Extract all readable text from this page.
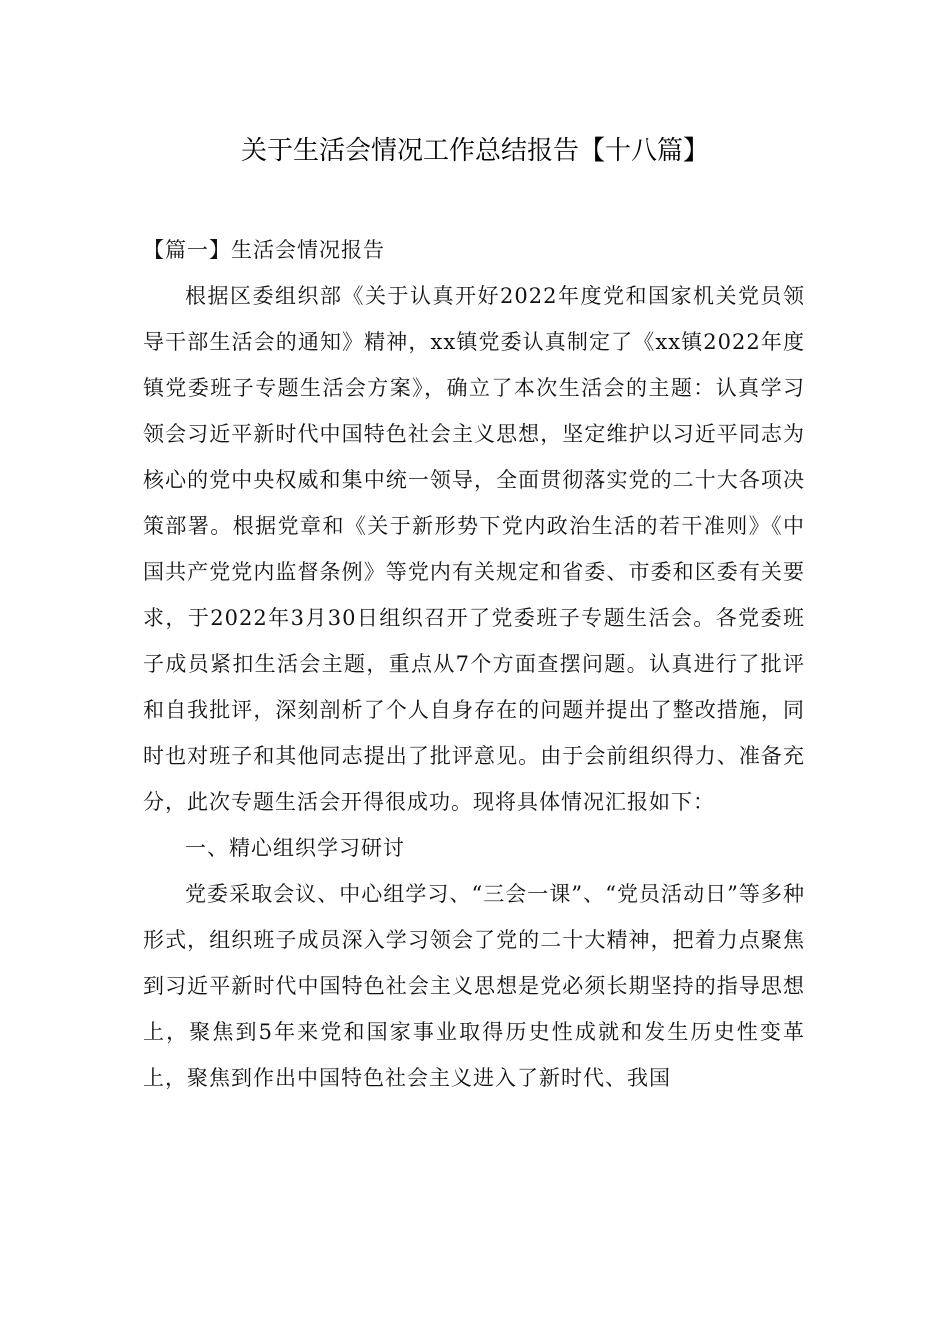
关于生活会情况工作总结报告【十八篇】

【篇一】生活会情况报告

根据区委组织部《关于认真开好2022年度党和国家机关党员领导干部生活会的通知》精神，xx镇党委认真制定了《xx镇2022年度镇党委班子专题生活会方案》，确立了本次生活会的主题：认真学习领会习近平新时代中国特色社会主义思想，坚定维护以习近平同志为核心的党中央权威和集中统一领导，全面贯彻落实党的二十大各项决策部署。根据党章和《关于新形势下党内政治生活的若干准则》《中国共产党党内监督条例》等党内有关规定和省委、市委和区委有关要求，于2022年3月30日组织召开了党委班子专题生活会。各党委班子成员紧扣生活会主题，重点从7个方面查摆问题。认真进行了批评和自我批评，深刻剖析了个人自身存在的问题并提出了整改措施，同时也对班子和其他同志提出了批评意见。由于会前组织得力、准备充分，此次专题生活会开得很成功。现将具体情况汇报如下：

一、精心组织学习研讨

党委采取会议、中心组学习、“三会一课”、“党员活动日”等多种形式，组织班子成员深入学习领会了党的二十大精神，把着力点聚焦到习近平新时代中国特色社会主义思想是党必须长期坚持的指导思想上，聚焦到5年来党和国家事业取得历史性成就和发生历史性变革上，聚焦到作出中国特色社会主义进入了新时代、我国
